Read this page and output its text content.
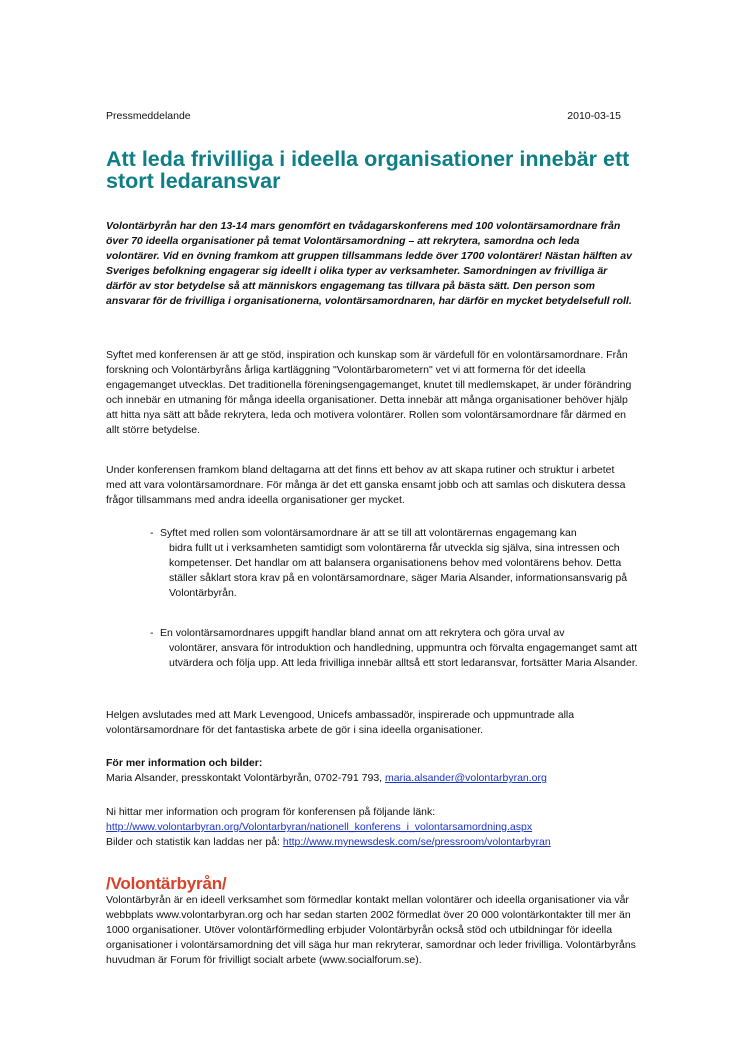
Pressmeddelande	2010-03-15
Att leda frivilliga i ideella organisationer innebär ett stort ledaransvar
Volontärbyrån har den 13-14 mars genomfört en tvådagarskonferens med 100 volontärsamordnare från över 70 ideella organisationer på temat Volontärsamordning – att rekrytera, samordna och leda volontärer. Vid en övning framkom att gruppen tillsammans ledde över 1700 volontärer! Nästan hälften av Sveriges befolkning engagerar sig ideellt i olika typer av verksamheter. Samordningen av frivilliga är därför av stor betydelse så att människors engagemang tas tillvara på bästa sätt. Den person som ansvarar för de frivilliga i organisationerna, volontärsamordnaren, har därför en mycket betydelsefull roll.
Syftet med konferensen är att ge stöd, inspiration och kunskap som är värdefull för en volontärsamordnare. Från forskning och Volontärbyråns årliga kartläggning "Volontärbarometern" vet vi att formerna för det ideella engagemanget utvecklas. Det traditionella föreningsengagemanget, knutet till medlemskapet, är under förändring och innebär en utmaning för många ideella organisationer. Detta innebär att många organisationer behöver hjälp att hitta nya sätt att både rekrytera, leda och motivera volontärer. Rollen som volontärsamordnare får därmed en allt större betydelse.
Under konferensen framkom bland deltagarna att det finns ett behov av att skapa rutiner och struktur i arbetet med att vara volontärsamordnare. För många är det ett ganska ensamt jobb och att samlas och diskutera dessa frågor tillsammans med andra ideella organisationer ger mycket.
- Syftet med rollen som volontärsamordnare är att se till att volontärernas engagemang kan
bidra fullt ut i verksamheten samtidigt som volontärerna får utveckla sig själva, sina intressen och kompetenser. Det handlar om att balansera organisationens behov med volontärens behov. Detta ställer såklart stora krav på en volontärsamordnare, säger Maria Alsander, informationsansvarig på Volontärbyrån.
- En volontärsamordnares uppgift handlar bland annat om att rekrytera och göra urval av
volontärer, ansvara för introduktion och handledning, uppmuntra och förvalta engagemanget samt att utvärdera och följa upp. Att leda frivilliga innebär alltså ett stort ledaransvar, fortsätter Maria Alsander.
Helgen avslutades med att Mark Levengood, Unicefs ambassadör, inspirerade och uppmuntrade alla volontärsamordnare för det fantastiska arbete de gör i sina ideella organisationer.
För mer information och bilder:
Maria Alsander, presskontakt Volontärbyrån, 0702-791 793, maria.alsander@volontarbyran.org
Ni hittar mer information och program för konferensen på följande länk:
http://www.volontarbyran.org/Volontarbyran/nationell_konferens_i_volontarsamordning.aspx
Bilder och statistik kan laddas ner på: http://www.mynewsdesk.com/se/pressroom/volontarbyran
/Volontärbyrån/
Volontärbyrån är en ideell verksamhet som förmedlar kontakt mellan volontärer och ideella organisationer via vår webbplats www.volontarbyran.org och har sedan starten 2002 förmedlat över 20 000 volontärkontakter till mer än 1000 organisationer. Utöver volontärförmedling erbjuder Volontärbyrån också stöd och utbildningar för ideella organisationer i volontärsamordning det vill säga hur man rekryterar, samordnar och leder frivilliga. Volontärbyråns huvudman är Forum för frivilligt socialt arbete (www.socialforum.se).
